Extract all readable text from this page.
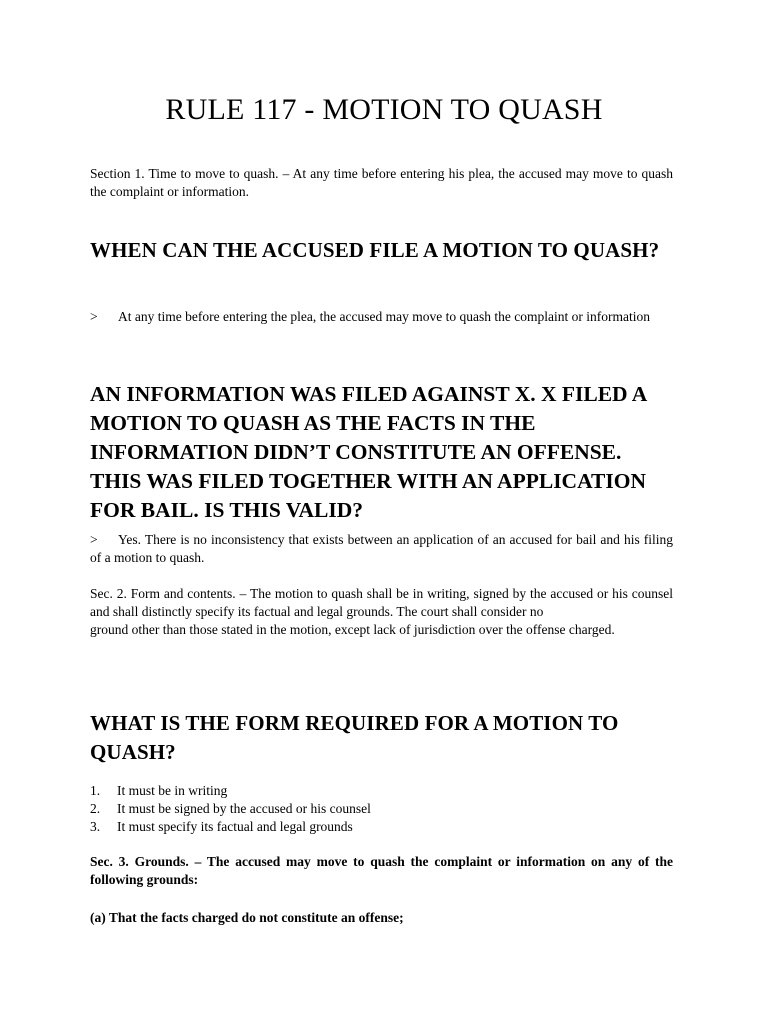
RULE 117 - MOTION TO QUASH
Section 1. Time to move to quash. – At any time before entering his plea, the accused may move to quash the complaint or information.
WHEN CAN THE ACCUSED FILE A MOTION TO QUASH?
> At any time before entering the plea, the accused may move to quash the complaint or information
AN INFORMATION WAS FILED AGAINST X. X FILED A MOTION TO QUASH AS THE FACTS IN THE INFORMATION DIDN’T CONSTITUTE AN OFFENSE. THIS WAS FILED TOGETHER WITH AN APPLICATION FOR BAIL. IS THIS VALID?
> Yes. There is no inconsistency that exists between an application of an accused for bail and his filing of a motion to quash.
Sec. 2. Form and contents. – The motion to quash shall be in writing, signed by the accused or his counsel and shall distinctly specify its factual and legal grounds. The court shall consider no
ground other than those stated in the motion, except lack of jurisdiction over the offense charged.
WHAT IS THE FORM REQUIRED FOR A MOTION TO QUASH?
1. It must be in writing
2. It must be signed by the accused or his counsel
3. It must specify its factual and legal grounds
Sec. 3. Grounds. – The accused may move to quash the complaint or information on any of the following grounds:
(a) That the facts charged do not constitute an offense;
